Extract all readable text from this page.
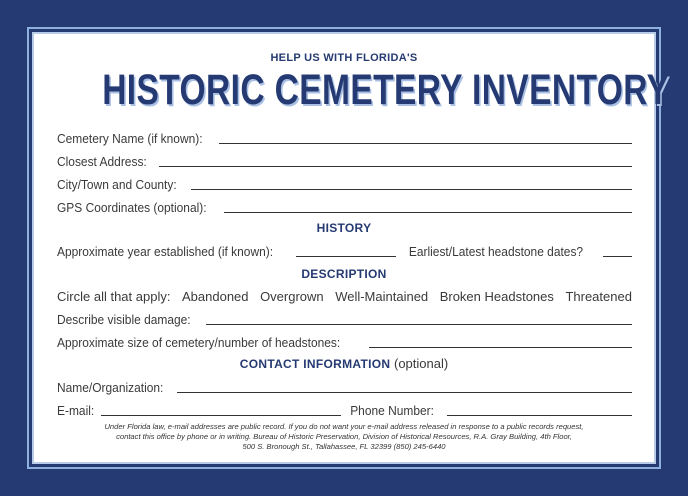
HELP US WITH FLORIDA'S
HISTORIC CEMETERY INVENTORY
Cemetery Name (if known):
Closest Address:
City/Town and County:
GPS Coordinates (optional):
HISTORY
Approximate year established (if known):	Earliest/Latest headstone dates?
DESCRIPTION
Circle all that apply: Abandoned Overgrown Well-Maintained Broken Headstones Threatened
Describe visible damage:
Approximate size of cemetery/number of headstones:
CONTACT INFORMATION (optional)
Name/Organization:
E-mail:	Phone Number:
Under Florida law, e-mail addresses are public record. If you do not want your e-mail address released in response to a public records request,
contact this office by phone or in writing. Bureau of Historic Preservation, Division of Historical Resources, R.A. Gray Building, 4th Floor,
500 S. Bronough St., Tallahassee, FL 32399 (850) 245-6440
